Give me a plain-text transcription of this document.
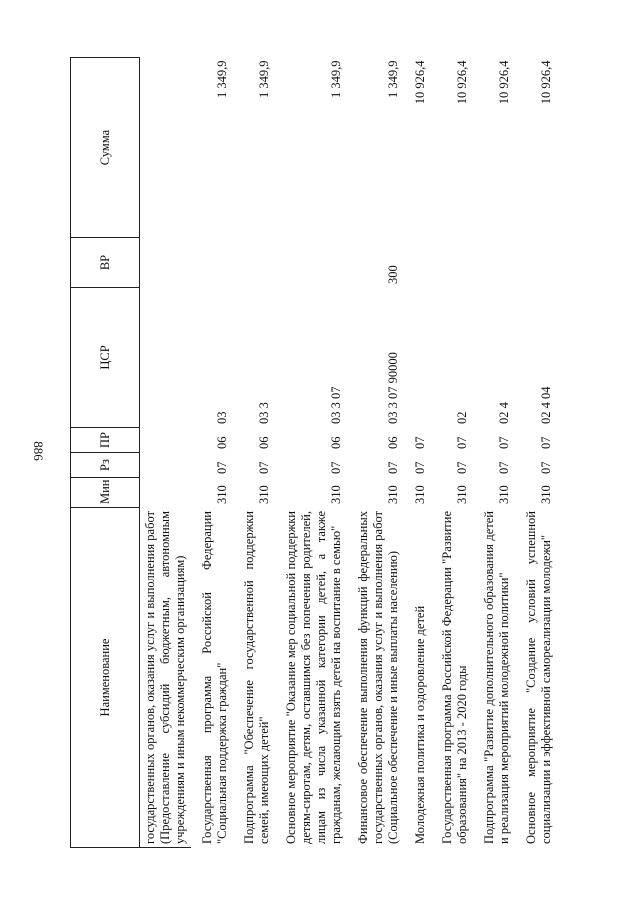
886
Наименование	Мин	Рз	ПР	ЦСР	ВР	Сумма
государственных органов, оказания услуг и выполнения работ (Предоставление субсидий бюджетным, автономным учреждениям и иным некоммерческим организациям)						
Государственная программа Российской Федерации "Социальная поддержка граждан"	310	07	06	03		1 349,9
Подпрограмма "Обеспечение государственной поддержки семей, имеющих детей"	310	07	06	03 3		1 349,9
Основное мероприятие "Оказание мер социальной поддержки детям-сиротам, детям, оставшимся без попечения родителей, лицам из числа указанной категории детей, а также гражданам, желающим взять детей на воспитание в семью"	310	07	06	03 3 07		1 349,9
Финансовое обеспечение выполнения функций федеральных государственных органов, оказания услуг и выполнения работ (Социальное обеспечение и иные выплаты населению)	310	07	06	03 3 07 90000	300	1 349,9
Молодежная политика и оздоровление детей	310	07	07			10 926,4
Государственная программа Российской Федерации "Развитие образования" на 2013 - 2020 годы	310	07	07	02		10 926,4
Подпрограмма "Развитие дополнительного образования детей и реализация мероприятий молодежной политики"	310	07	07	02 4		10 926,4
Основное мероприятие "Создание условий успешной социализации и эффективной самореализации молодежи"	310	07	07	02 4 04		10 926,4
